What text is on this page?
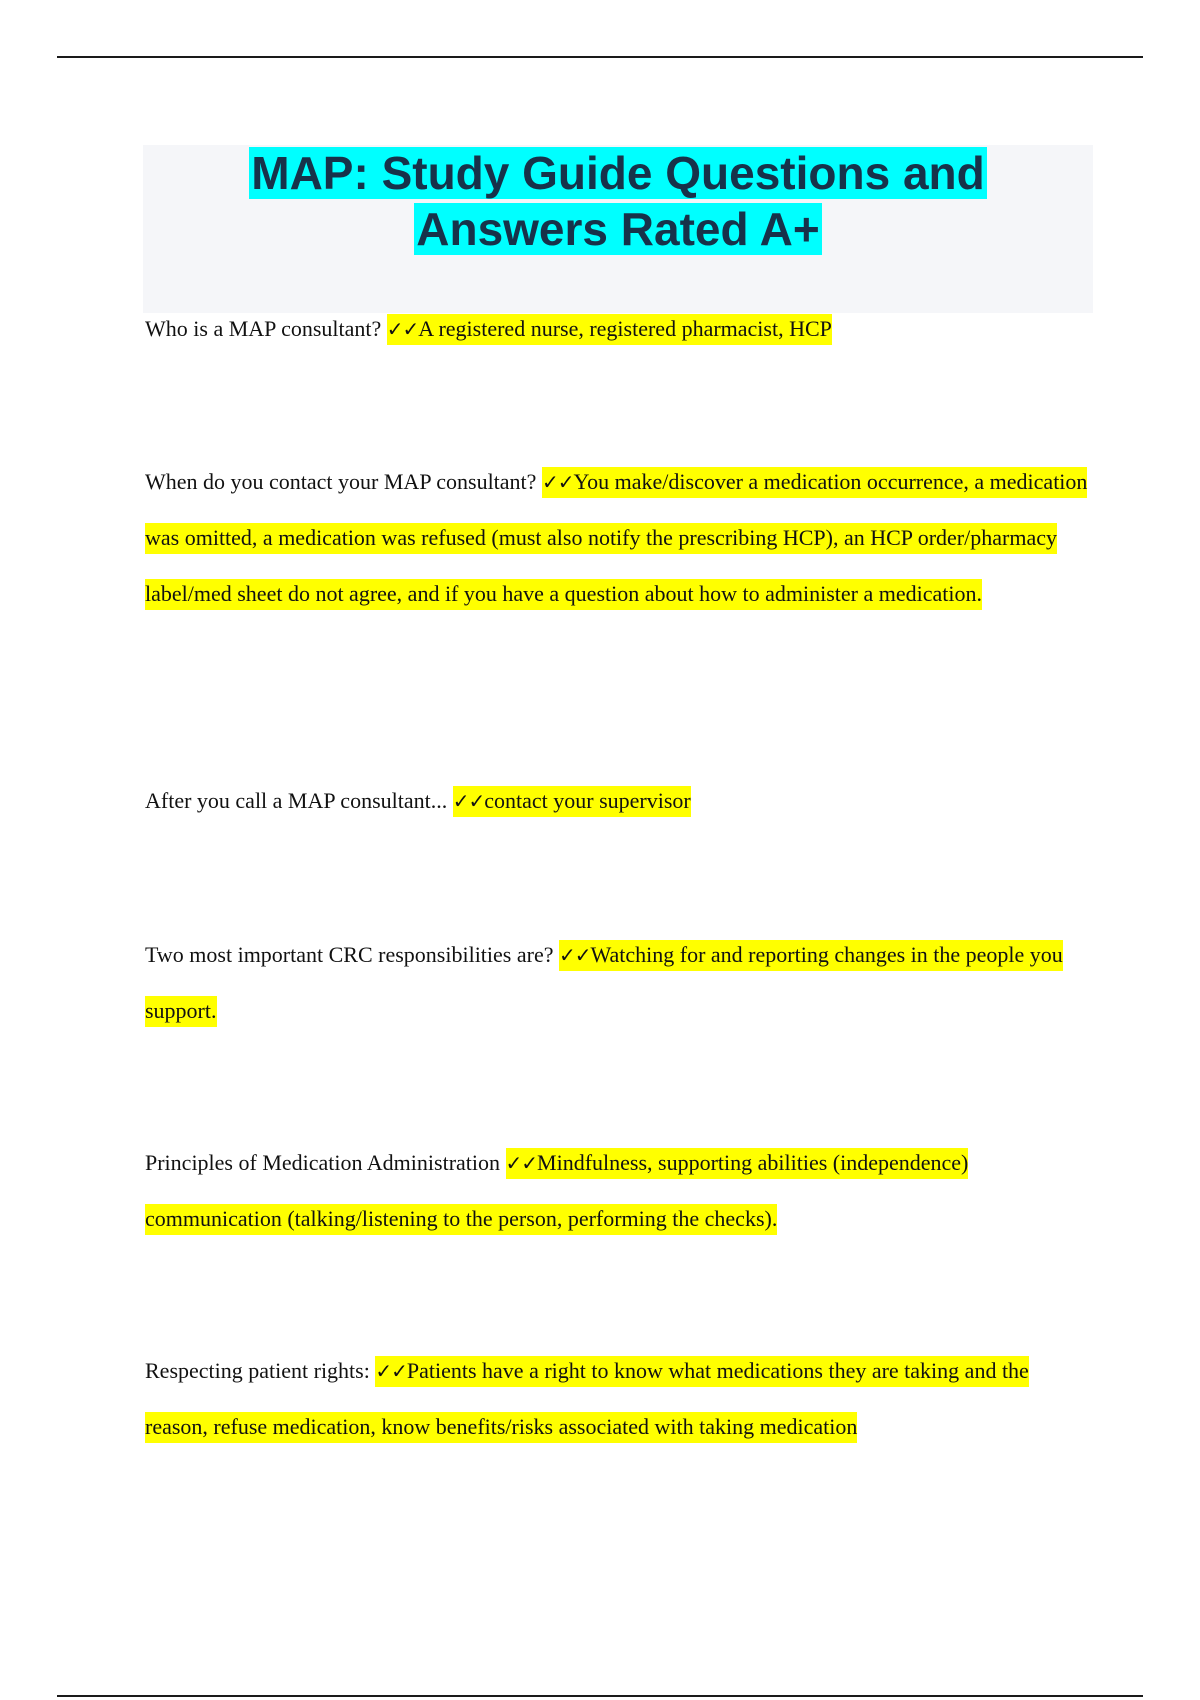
MAP: Study Guide Questions and
Answers Rated A+

Who is a MAP consultant? ✓✓A registered nurse, registered pharmacist, HCP

When do you contact your MAP consultant? ✓✓You make/discover a medication occurrence, a medication was omitted, a medication was refused (must also notify the prescribing HCP), an HCP order/pharmacy label/med sheet do not agree, and if you have a question about how to administer a medication.

After you call a MAP consultant... ✓✓contact your supervisor

Two most important CRC responsibilities are? ✓✓Watching for and reporting changes in the people you support.

Principles of Medication Administration ✓✓Mindfulness, supporting abilities (independence) communication (talking/listening to the person, performing the checks).

Respecting patient rights: ✓✓Patients have a right to know what medications they are taking and the reason, refuse medication, know benefits/risks associated with taking medication
